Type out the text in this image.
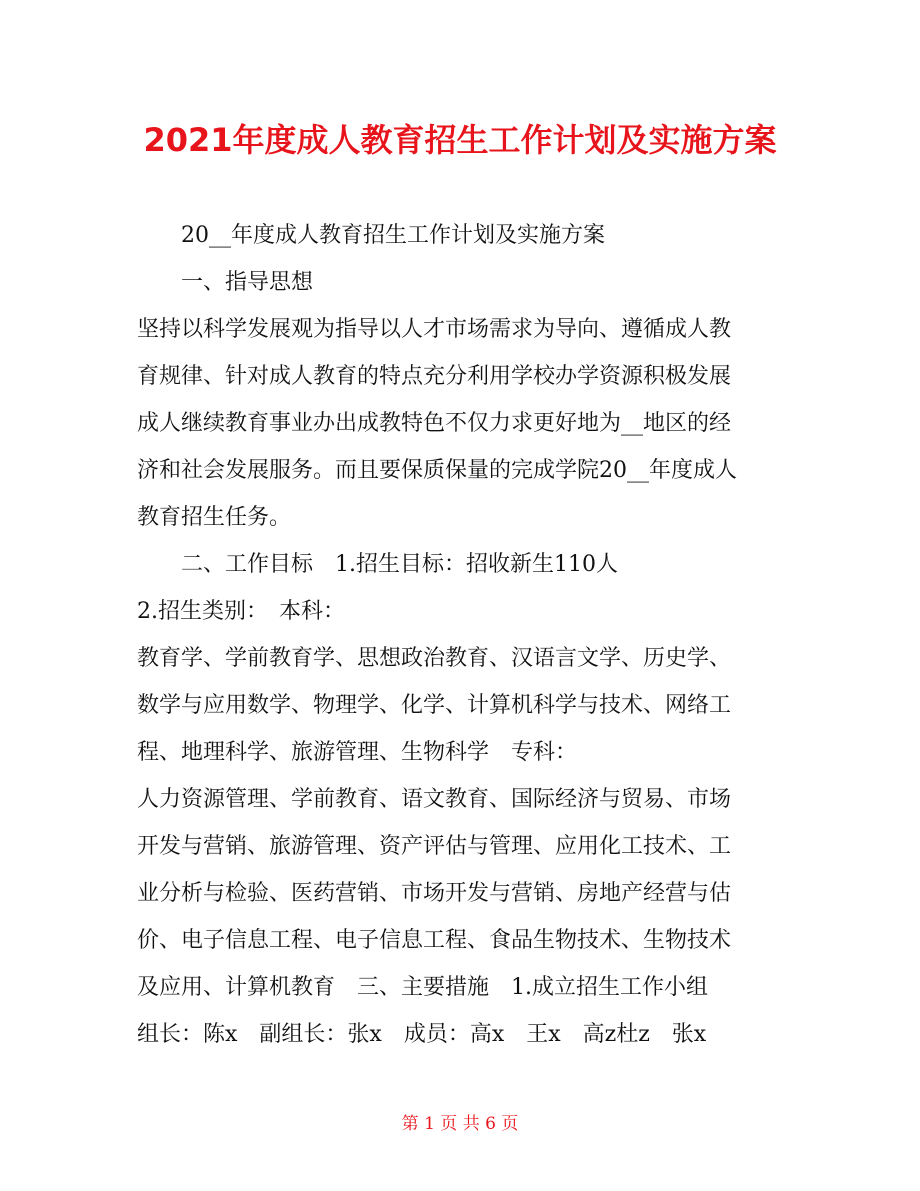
2021年度成人教育招生工作计划及实施方案
20__年度成人教育招生工作计划及实施方案
一、指导思想
坚持以科学发展观为指导以人才市场需求为导向、遵循成人教
育规律、针对成人教育的特点充分利用学校办学资源积极发展
成人继续教育事业办出成教特色不仅力求更好地为__地区的经
济和社会发展服务。而且要保质保量的完成学院20__年度成人
教育招生任务。
二、工作目标　1.招生目标：招收新生110人
2.招生类别：　本科：
教育学、学前教育学、思想政治教育、汉语言文学、历史学、
数学与应用数学、物理学、化学、计算机科学与技术、网络工
程、地理科学、旅游管理、生物科学　专科：
人力资源管理、学前教育、语文教育、国际经济与贸易、市场
开发与营销、旅游管理、资产评估与管理、应用化工技术、工
业分析与检验、医药营销、市场开发与营销、房地产经营与估
价、电子信息工程、电子信息工程、食品生物技术、生物技术
及应用、计算机教育　三、主要措施　1.成立招生工作小组
组长：陈x　副组长：张x　成员：高x　王x　高z杜z　张x
第 1 页 共 6 页
